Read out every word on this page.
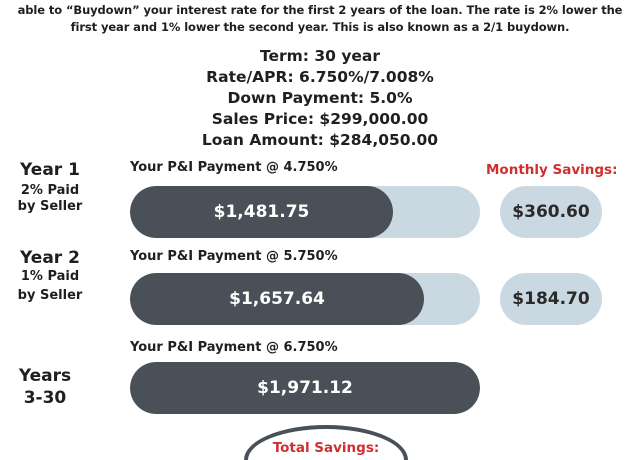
able to “Buydown” your interest rate for the first 2 years of the loan. The rate is 2% lower the
first year and 1% lower the second year. This is also known as a 2/1 buydown.
Term: 30 year
Rate/APR: 6.750%/7.008%
Down Payment: 5.0%
Sales Price: $299,000.00
Loan Amount: $284,050.00
Monthly Savings:
Year 1
2% Paid
by Seller
Your P&I Payment @ 4.750%
$1,481.75	$360.60
Year 2
1% Paid
by Seller
Your P&I Payment @ 5.750%
$1,657.64	$184.70
Years
3-30
Your P&I Payment @ 6.750%
$1,971.12
Total Savings:
